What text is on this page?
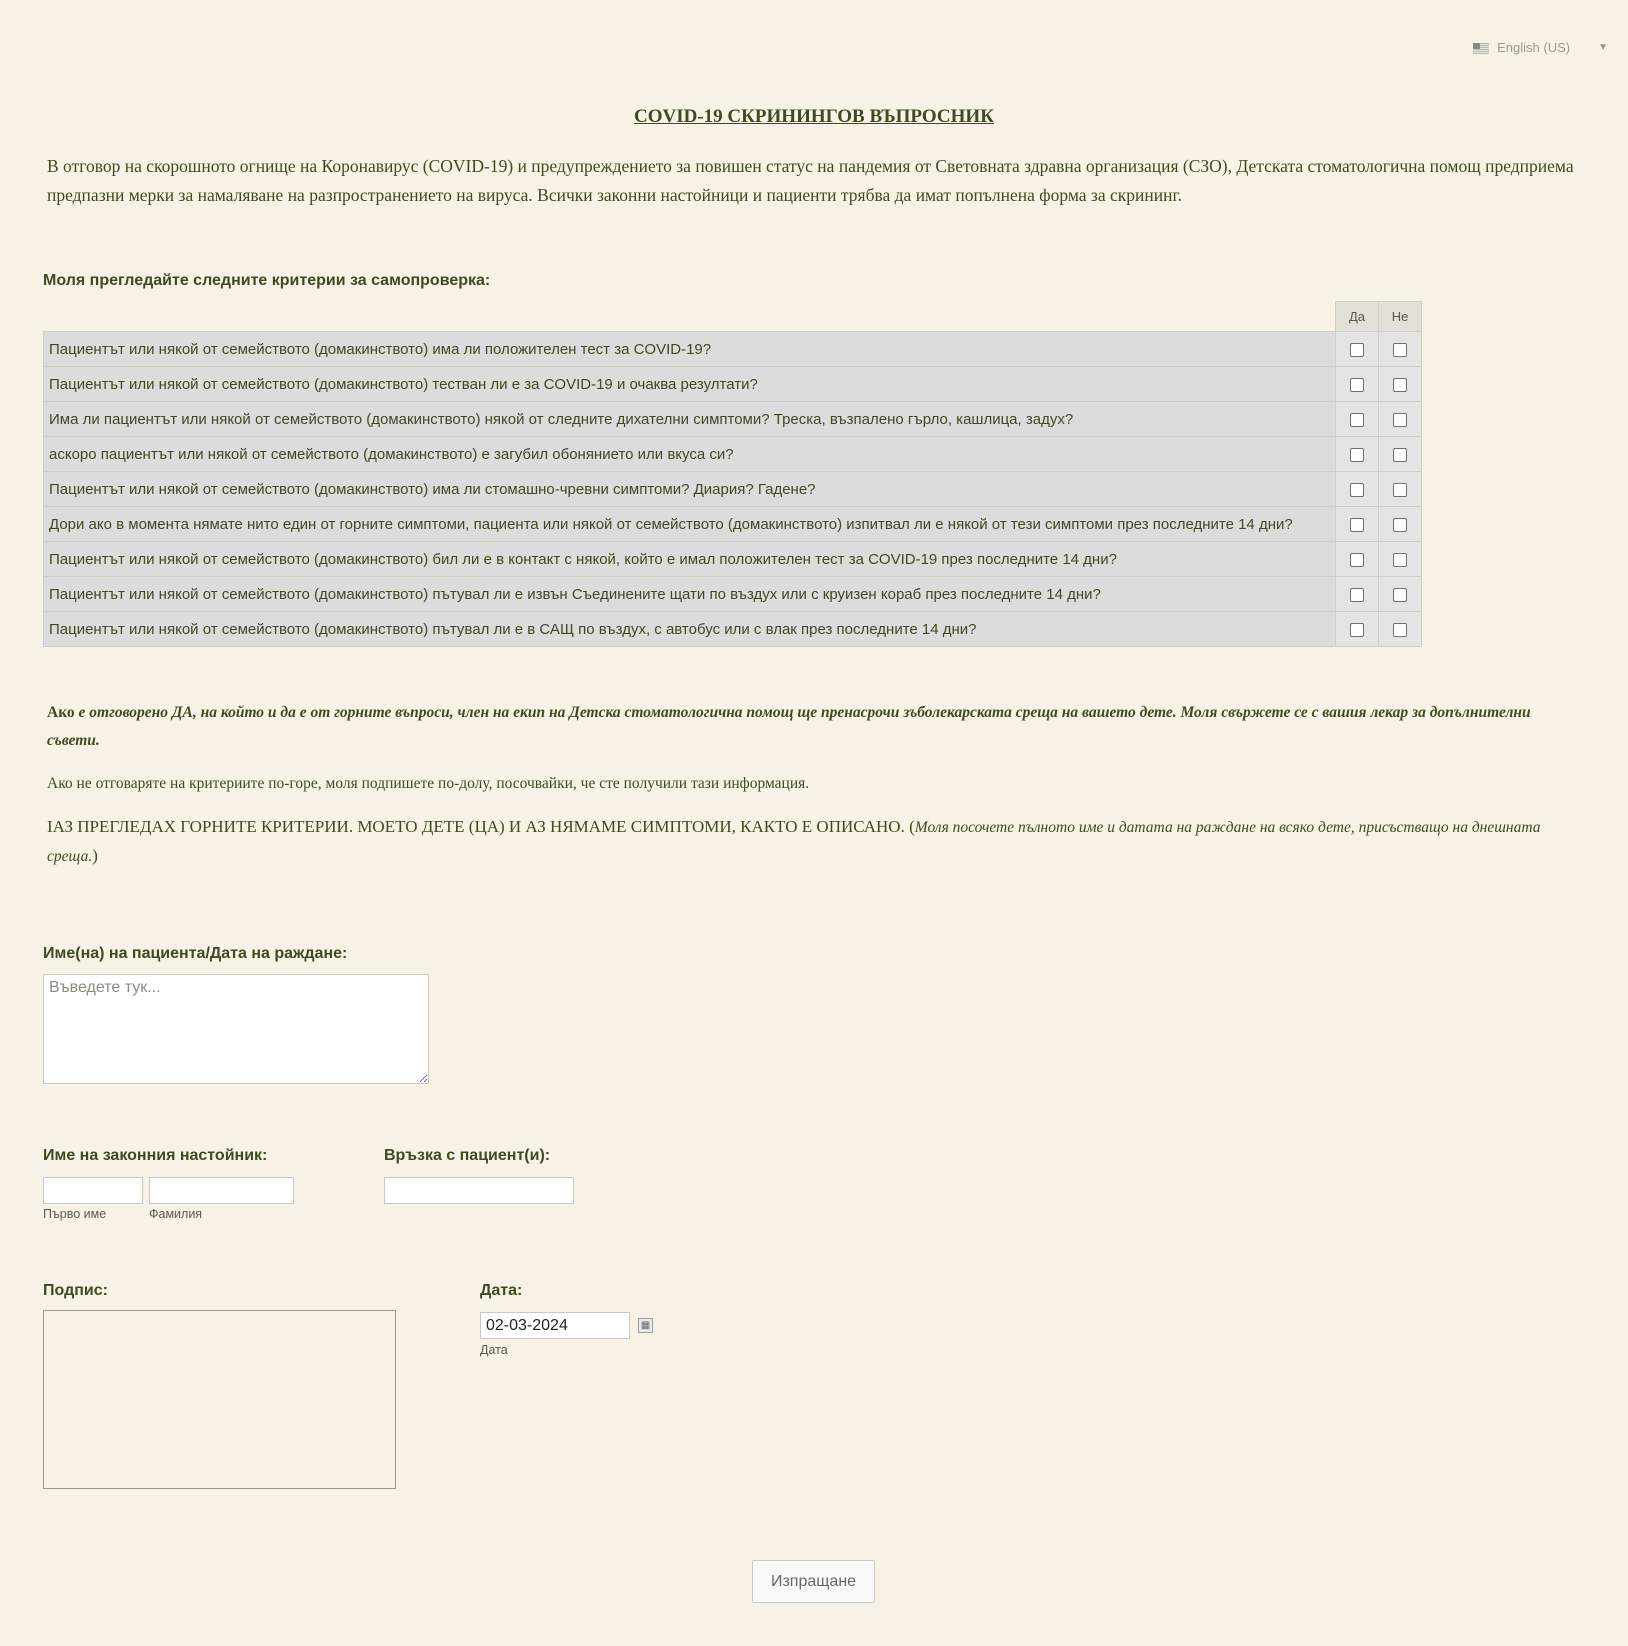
English (US)	▼
COVID-19 СКРИНИНГОВ ВЪПРОСНИК
В отговор на скорошното огнище на Коронавирус (COVID-19) и предупреждението за повишен статус на пандемия от Световната здравна организация (СЗО), Детската стоматологична помощ предприема предпазни мерки за намаляване на разпространението на вируса. Всички законни настойници и пациенти трябва да имат попълнена форма за скрининг.
Моля прегледайте следните критерии за самопроверка:
	Да	Не
Пациентът или някой от семейството (домакинството) има ли положителен тест за COVID-19?		
Пациентът или някой от семейството (домакинството) тестван ли е за COVID-19 и очаква резултати?		
Има ли пациентът или някой от семейството (домакинството) някой от следните дихателни симптоми? Треска, възпалено гърло, кашлица, задух?		
аскоро пациентът или някой от семейството (домакинството) е загубил обонянието или вкуса си?		
Пациентът или някой от семейството (домакинството) има ли стомашно-чревни симптоми? Диария? Гадене?		
Дори ако в момента нямате нито един от горните симптоми, пациента или някой от семейството (домакинството) изпитвал ли е някой от тези симптоми през последните 14 дни?		
Пациентът или някой от семейството (домакинството) бил ли е в контакт с някой, който е имал положителен тест за COVID-19 през последните 14 дни?		
Пациентът или някой от семейството (домакинството) пътувал ли е извън Съединените щати по въздух или с круизен кораб през последните 14 дни?		
Пациентът или някой от семейството (домакинството) пътувал ли е в САЩ по въздух, с автобус или с влак през последните 14 дни?		
Ако е отговорено ДА, на който и да е от горните въпроси, член на екип на Детска стоматологична помощ ще пренасрочи зъболекарската среща на вашето дете. Моля свържете се с вашия лекар за допълнителни съвети.
Ако не отговаряте на критериите по-горе, моля подпишете по-долу, посочвайки, че сте получили тази информация.
IАЗ ПРЕГЛЕДАХ ГОРНИТЕ КРИТЕРИИ. МОЕТО ДЕТЕ (ЦА) И АЗ НЯМАМЕ СИМПТОМИ, КАКТО Е ОПИСАНО. (Моля посочете пълното име и датата на раждане на всяко дете, присъстващо на днешната среща.)
Име(на) на пациента/Дата на раждане:
Въведете тук...
Име на законния настойник:
Първо име	Фамилия
Връзка с пациент(и):
Подпис:	Дата:
02-03-2024
▦
Дата
Изпращане
